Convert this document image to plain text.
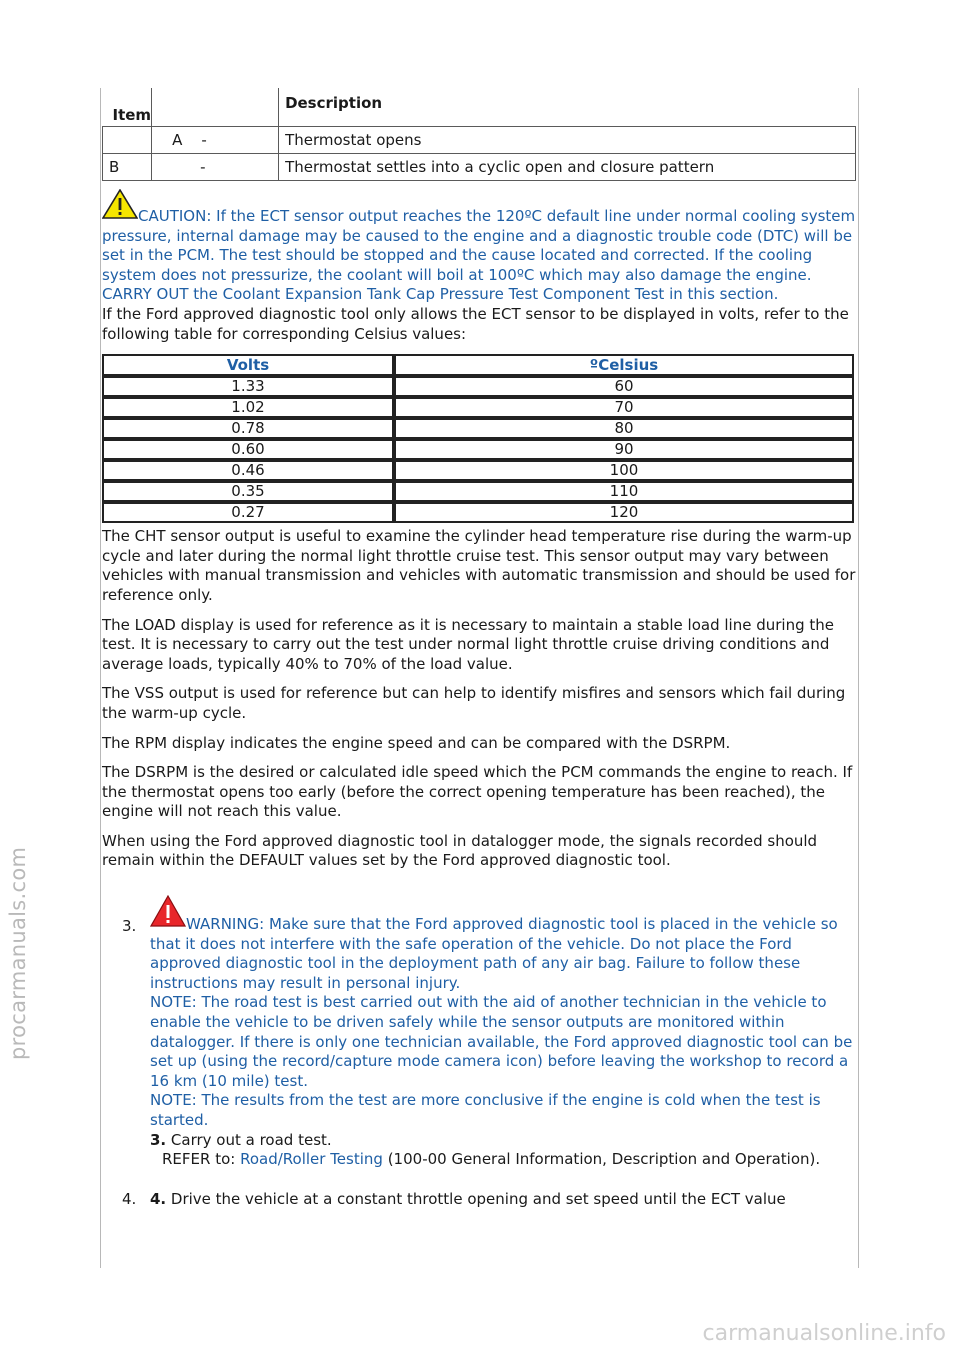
procarmanuals.com
carmanualsonline.info
Item		Description
	A -	Thermostat opens
B	-	Thermostat settles into a cyclic open and closure pattern
CAUTION: If the ECT sensor output reaches the 120ºC default line under normal cooling system pressure, internal damage may be caused to the engine and a diagnostic trouble code (DTC) will be set in the PCM. The test should be stopped and the cause located and corrected. If the cooling system does not pressurize, the coolant will boil at 100ºC which may also damage the engine. CARRY OUT the Coolant Expansion Tank Cap Pressure Test Component Test in this section.

If the Ford approved diagnostic tool only allows the ECT sensor to be displayed in volts, refer to the following table for corresponding Celsius values:

Volts	ºCelsius
1.33	60
1.02	70
0.78	80
0.60	90
0.46	100
0.35	110
0.27	120

The CHT sensor output is useful to examine the cylinder head temperature rise during the warm-up cycle and later during the normal light throttle cruise test. This sensor output may vary between vehicles with manual transmission and vehicles with automatic transmission and should be used for reference only.

The LOAD display is used for reference as it is necessary to maintain a stable load line during the test. It is necessary to carry out the test under normal light throttle cruise driving conditions and average loads, typically 40% to 70% of the load value.

The VSS output is used for reference but can help to identify misfires and sensors which fail during the warm-up cycle.

The RPM display indicates the engine speed and can be compared with the DSRPM.

The DSRPM is the desired or calculated idle speed which the PCM commands the engine to reach. If the thermostat opens too early (before the correct opening temperature has been reached), the engine will not reach this value.

When using the Ford approved diagnostic tool in datalogger mode, the signals recorded should remain within the DEFAULT values set by the Ford approved diagnostic tool.

3.	WARNING: Make sure that the Ford approved diagnostic tool is placed in the vehicle so that it does not interfere with the safe operation of the vehicle. Do not place the Ford approved diagnostic tool in the deployment path of any air bag. Failure to follow these instructions may result in personal injury.
NOTE: The road test is best carried out with the aid of another technician in the vehicle to enable the vehicle to be driven safely while the sensor outputs are monitored within datalogger. If there is only one technician available, the Ford approved diagnostic tool can be set up (using the record/capture mode camera icon) before leaving the workshop to record a 16 km (10 mile) test.
NOTE: The results from the test are more conclusive if the engine is cold when the test is started.
3. Carry out a road test.
REFER to: Road/Roller Testing (100-00 General Information, Description and Operation).
4. 4. Drive the vehicle at a constant throttle opening and set speed until the ECT value
